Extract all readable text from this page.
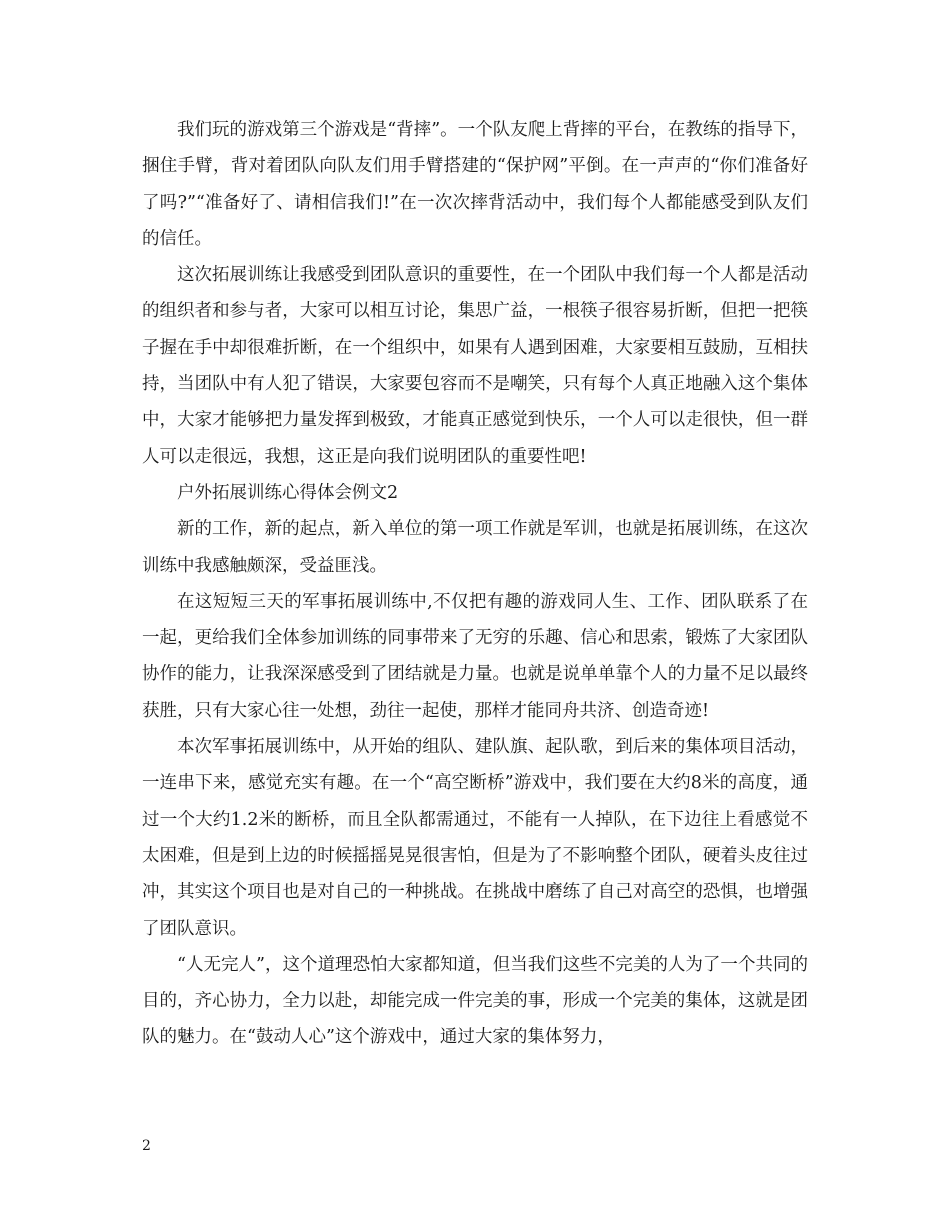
我们玩的游戏第三个游戏是“背摔”。一个队友爬上背摔的平台，在教练的指导下，捆住手臂，背对着团队向队友们用手臂搭建的“保护网”平倒。在一声声的“你们准备好了吗?”“准备好了、请相信我们!”在一次次摔背活动中，我们每个人都能感受到队友们的信任。

这次拓展训练让我感受到团队意识的重要性，在一个团队中我们每一个人都是活动的组织者和参与者，大家可以相互讨论，集思广益，一根筷子很容易折断，但把一把筷子握在手中却很难折断，在一个组织中，如果有人遇到困难，大家要相互鼓励，互相扶持，当团队中有人犯了错误，大家要包容而不是嘲笑，只有每个人真正地融入这个集体中，大家才能够把力量发挥到极致，才能真正感觉到快乐，一个人可以走很快，但一群人可以走很远，我想，这正是向我们说明团队的重要性吧!

户外拓展训练心得体会例文2

新的工作，新的起点，新入单位的第一项工作就是军训，也就是拓展训练，在这次训练中我感触颇深，受益匪浅。

在这短短三天的军事拓展训练中,不仅把有趣的游戏同人生、工作、团队联系了在一起，更给我们全体参加训练的同事带来了无穷的乐趣、信心和思索，锻炼了大家团队协作的能力，让我深深感受到了团结就是力量。也就是说单单靠个人的力量不足以最终获胜，只有大家心往一处想，劲往一起使，那样才能同舟共济、创造奇迹!

本次军事拓展训练中，从开始的组队、建队旗、起队歌，到后来的集体项目活动，一连串下来，感觉充实有趣。在一个“高空断桥”游戏中，我们要在大约8米的高度，通过一个大约1.2米的断桥，而且全队都需通过，不能有一人掉队，在下边往上看感觉不太困难，但是到上边的时候摇摇晃晃很害怕，但是为了不影响整个团队，硬着头皮往过冲，其实这个项目也是对自己的一种挑战。在挑战中磨练了自己对高空的恐惧，也增强了团队意识。

“人无完人”，这个道理恐怕大家都知道，但当我们这些不完美的人为了一个共同的目的，齐心协力，全力以赴，却能完成一件完美的事，形成一个完美的集体，这就是团队的魅力。在“鼓动人心”这个游戏中，通过大家的集体努力，

2
